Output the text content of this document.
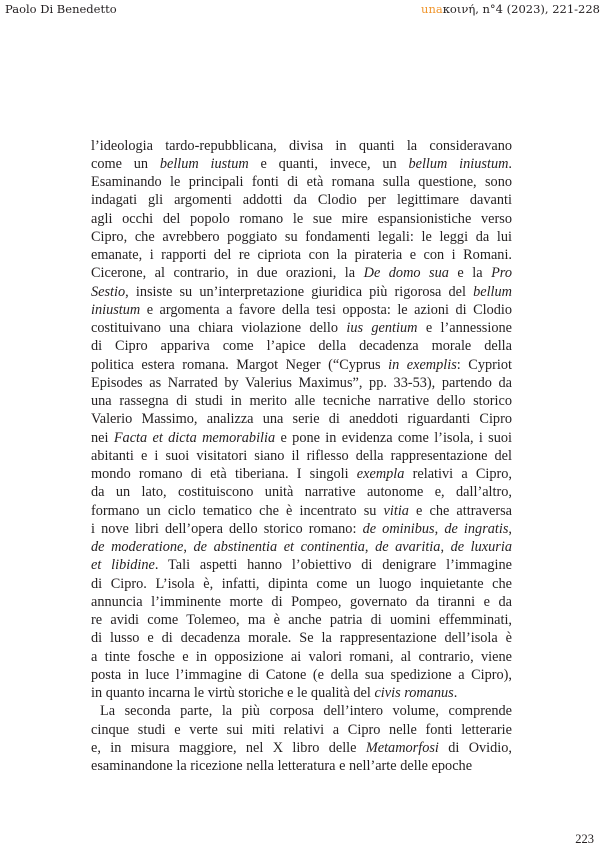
Paolo Di Benedetto	unaκοινή, n°4 (2023), 221-228
l’ideologia tardo-repubblicana, divisa in quanti la consideravano
come un bellum iustum e quanti, invece, un bellum iniustum.
Esaminando le principali fonti di età romana sulla questione, sono
indagati gli argomenti addotti da Clodio per legittimare davanti
agli occhi del popolo romano le sue mire espansionistiche verso
Cipro, che avrebbero poggiato su fondamenti legali: le leggi da lui
emanate, i rapporti del re cipriota con la pirateria e con i Romani.
Cicerone, al contrario, in due orazioni, la De domo sua e la Pro
Sestio, insiste su un’interpretazione giuridica più rigorosa del bellum
iniustum e argomenta a favore della tesi opposta: le azioni di Clodio
costituivano una chiara violazione dello ius gentium e l’annessione
di Cipro appariva come l’apice della decadenza morale della
politica estera romana. Margot Neger (“Cyprus in exemplis: Cypriot
Episodes as Narrated by Valerius Maximus”, pp. 33-53), partendo da
una rassegna di studi in merito alle tecniche narrative dello storico
Valerio Massimo, analizza una serie di aneddoti riguardanti Cipro
nei Facta et dicta memorabilia e pone in evidenza come l’isola, i suoi
abitanti e i suoi visitatori siano il riflesso della rappresentazione del
mondo romano di età tiberiana. I singoli exempla relativi a Cipro,
da un lato, costituiscono unità narrative autonome e, dall’altro,
formano un ciclo tematico che è incentrato su vitia e che attraversa
i nove libri dell’opera dello storico romano: de ominibus, de ingratis,
de moderatione, de abstinentia et continentia, de avaritia, de luxuria
et libidine. Tali aspetti hanno l’obiettivo di denigrare l’immagine
di Cipro. L’isola è, infatti, dipinta come un luogo inquietante che
annuncia l’imminente morte di Pompeo, governato da tiranni e da
re avidi come Tolemeo, ma è anche patria di uomini effemminati,
di lusso e di decadenza morale. Se la rappresentazione dell’isola è
a tinte fosche e in opposizione ai valori romani, al contrario, viene
posta in luce l’immagine di Catone (e della sua spedizione a Cipro),
in quanto incarna le virtù storiche e le qualità del civis romanus.
La seconda parte, la più corposa dell’intero volume, comprende
cinque studi e verte sui miti relativi a Cipro nelle fonti letterarie
e, in misura maggiore, nel X libro delle Metamorfosi di Ovidio,
esaminandone la ricezione nella letteratura e nell’arte delle epoche
223
